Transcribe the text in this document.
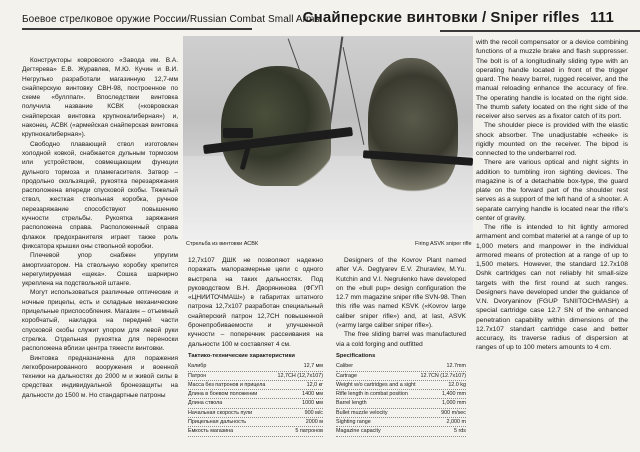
Боевое стрелковое оружие России/Russian Combat Small Arms
Снайперские винтовки / Sniper rifles 111

Конструкторы ковровского «Завода им. В.А. Дегтярева» Е.В. Журавлев, М.Ю. Кучин и В.И. Негрулько разработали магазинную 12,7-мм снайперскую винтовку СВН-98, построенное по схеме «буллпап». Впоследствии винтовка получила название КСВК («ковровская снайперская винтовка крупнокалиберная») и, наконец, АСВК («армейская снайперская винтовка крупнокалиберная»).

Свободно плавающий ствол изготовлен холодной ковкой, снабжается дульным тормозом или устройством, совмещающим функции дульного тормоза и пламегасителя. Затвор – продольно скользящий, рукоятка перезаряжания расположена впереди спусковой скобы. Тяжелый ствол, жесткая ствольная коробка, ручное перезаряжание способствуют повышению кучности стрельбы. Рукоятка заряжания расположена справа. Расположенный справа флажок предохранителя играет также роль фиксатора крышки оны ствольной коробки.

Плечевой упор снабжен упругим амортизатором. На ствольную коробку крепится нерегулируемая «щека». Сошка шарнирно укреплена на подствольной штанге.

Могут использоваться различные оптические и ночные прицелы, есть и складные механические прицельные приспособления. Магазин – отъемный коробчатый, накладка на передней части спусковой скобы служит упором для левой руки стрелка. Отдельная рукоятка для переноски расположена вблизи центра тяжести винтовки.

Винтовка предназначена для поражения легкобронированного вооружения и военной техники на дальностях до 2000 м и живой силы в средствах индивидуальной бронезащиты на дальности до 1500 м. Но стандартные патроны

Стрельба из винтовки АСВК	Firing ASVK sniper rifle

12,7х107 ДШК не позволяют надежно поражать малоразмерные цели с одного выстрела на таких дальностях. Под руководством В.Н. Дворянинова (ФГУП «ЦНИИТОЧМАШ») в габаритах штатного патрона 12,7х107 разработан специальный снайперский патрон 12,7СН повышенной бронепробиваемости и улучшенной кучности – поперечник рассеивания на дальности 100 м составляет 4 см.

Designers of the Kovrov Plant named after V.A. Degtyarev E.V. Zhuravlev, M.Yu. Kutchin and V.I. Negrulenko have developed on the «bull pup» design configuration the 12.7 mm magazine sniper rifle SVN-98. Then this rifle was named KSVK («Kovrov large caliber sniper rifle») and, at last, ASVK («army large caliber sniper rifle»).

The free sliding barrel was manufactured via a cold forging and outfitted

with the recoil compensator or a device combining functions of a muzzle brake and flash suppresser. The bolt is of a longitudinally sliding type with an operating handle located in front of the trigger guard. The heavy barrel, rugged receiver, and the manual reloading enhance the accuracy of fire. The operating handle is located on the right side. The thumb safety located on the right side of the receiver also serves as a fixator catch of its port.

The shoulder piece is provided with the elastic shock absorber. The unadjustable «cheek» is rigidly mounted on the receiver. The bipod is connected to the underbarrel rod.

There are various optical and night sights in addition to tumbling iron sighting devices. The magazine is of a detachable box-type, the guard plate on the forward part of the shoulder rest serves as a support of the left hand of a shooter. A separate carrying handle is located near the rifle's center of gravity.

The rifle is intended to hit lightly armored armament and combat materiel at a range of up to 1,000 meters and manpower in the individual armored means of protection at a range of up to 1,500 meters. However, the standard 12.7x108 Dshk cartridges can not reliably hit small-size targets with the first round at such ranges. Designers have developed under the guidance of V.N. Dvoryaninov (FGUP TsNIITOCHMASH) a special cartridge case 12.7 SN of the enhanced penetration capability within dimensions of the 12.7x107 standart cartridge case and better accuracy, its traverse radius of dispersion at ranges of up to 100 meters amounts to 4 cm.

Тактико-технические характеристики
Калибр	12,7 мм
Патрон	12,7СН (12,7х107)
Масса без патронов и прицела	12,0 кг
Длина в боевом положении	1400 мм
Длина ствола	1000 мм
Начальная скорость пули	900 м/с
Прицельная дальность	2000 м
Емкость магазина	5 патронов
Specifications
Caliber	12.7mm
Cartrage	12.7CN (12.7x107)
Weight w/o cartridges and a sight	12.0 kg
Rifle length in combat position	1,400 mm
Barrel length	1,000 mm
Bullet muzzle velocity	900 m/sec
Sighting range	2,000 m
Magazine capacity	5 rds
